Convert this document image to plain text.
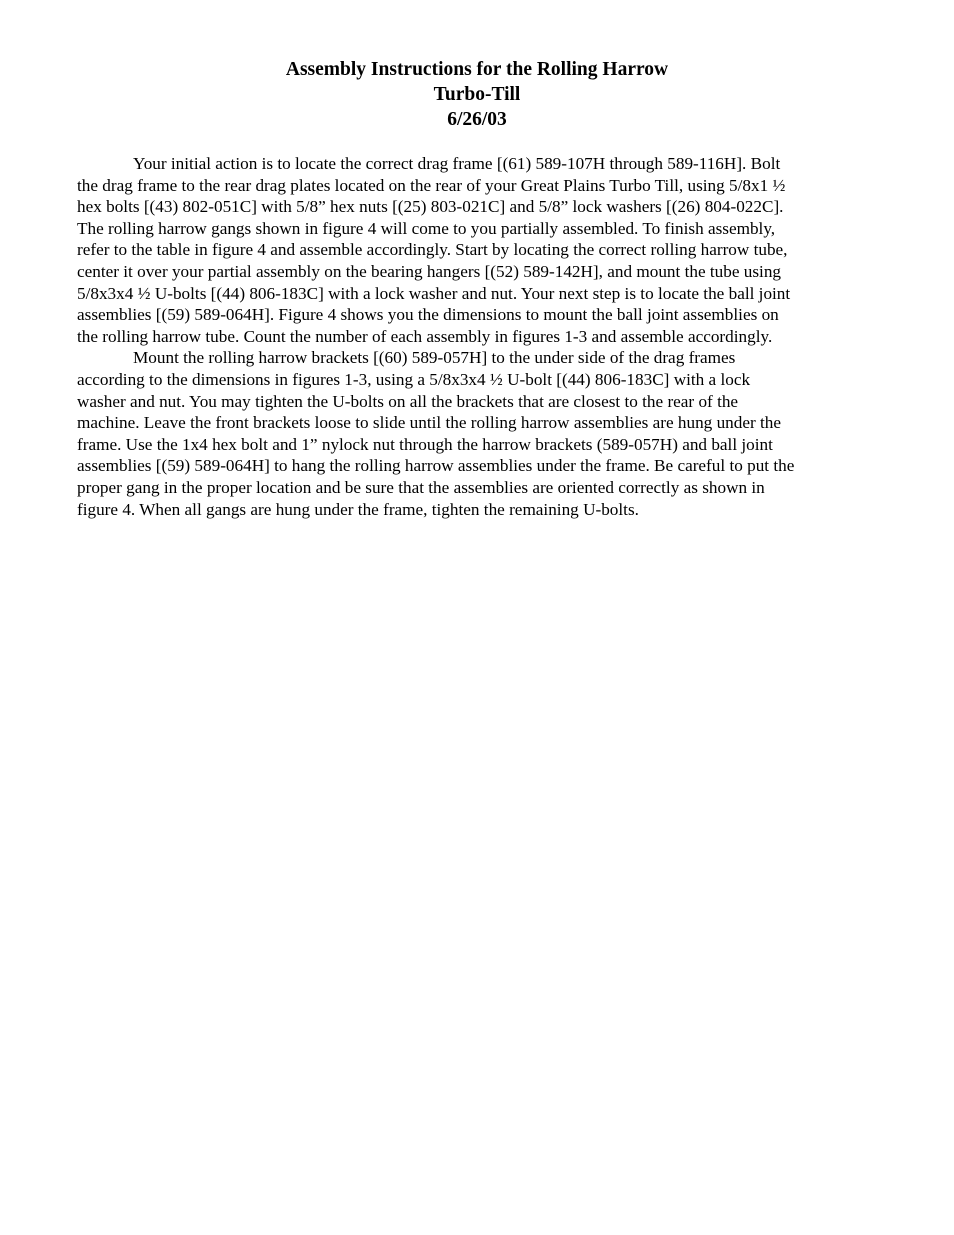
Assembly Instructions for the Rolling Harrow
Turbo-Till
6/26/03

Your initial action is to locate the correct drag frame [(61) 589-107H through 589-116H]. Bolt
the drag frame to the rear drag plates located on the rear of your Great Plains Turbo Till, using 5/8x1 ½
hex bolts [(43) 802-051C] with 5/8” hex nuts [(25) 803-021C] and 5/8” lock washers [(26) 804-022C].
The rolling harrow gangs shown in figure 4 will come to you partially assembled. To finish assembly,
refer to the table in figure 4 and assemble accordingly. Start by locating the correct rolling harrow tube,
center it over your partial assembly on the bearing hangers [(52) 589-142H], and mount the tube using
5/8x3x4 ½ U-bolts [(44) 806-183C] with a lock washer and nut. Your next step is to locate the ball joint
assemblies [(59) 589-064H]. Figure 4 shows you the dimensions to mount the ball joint assemblies on
the rolling harrow tube. Count the number of each assembly in figures 1-3 and assemble accordingly.

Mount the rolling harrow brackets [(60) 589-057H] to the under side of the drag frames
according to the dimensions in figures 1-3, using a 5/8x3x4 ½ U-bolt [(44) 806-183C] with a lock
washer and nut. You may tighten the U-bolts on all the brackets that are closest to the rear of the
machine. Leave the front brackets loose to slide until the rolling harrow assemblies are hung under the
frame. Use the 1x4 hex bolt and 1” nylock nut through the harrow brackets (589-057H) and ball joint
assemblies [(59) 589-064H] to hang the rolling harrow assemblies under the frame. Be careful to put the
proper gang in the proper location and be sure that the assemblies are oriented correctly as shown in
figure 4. When all gangs are hung under the frame, tighten the remaining U-bolts.
